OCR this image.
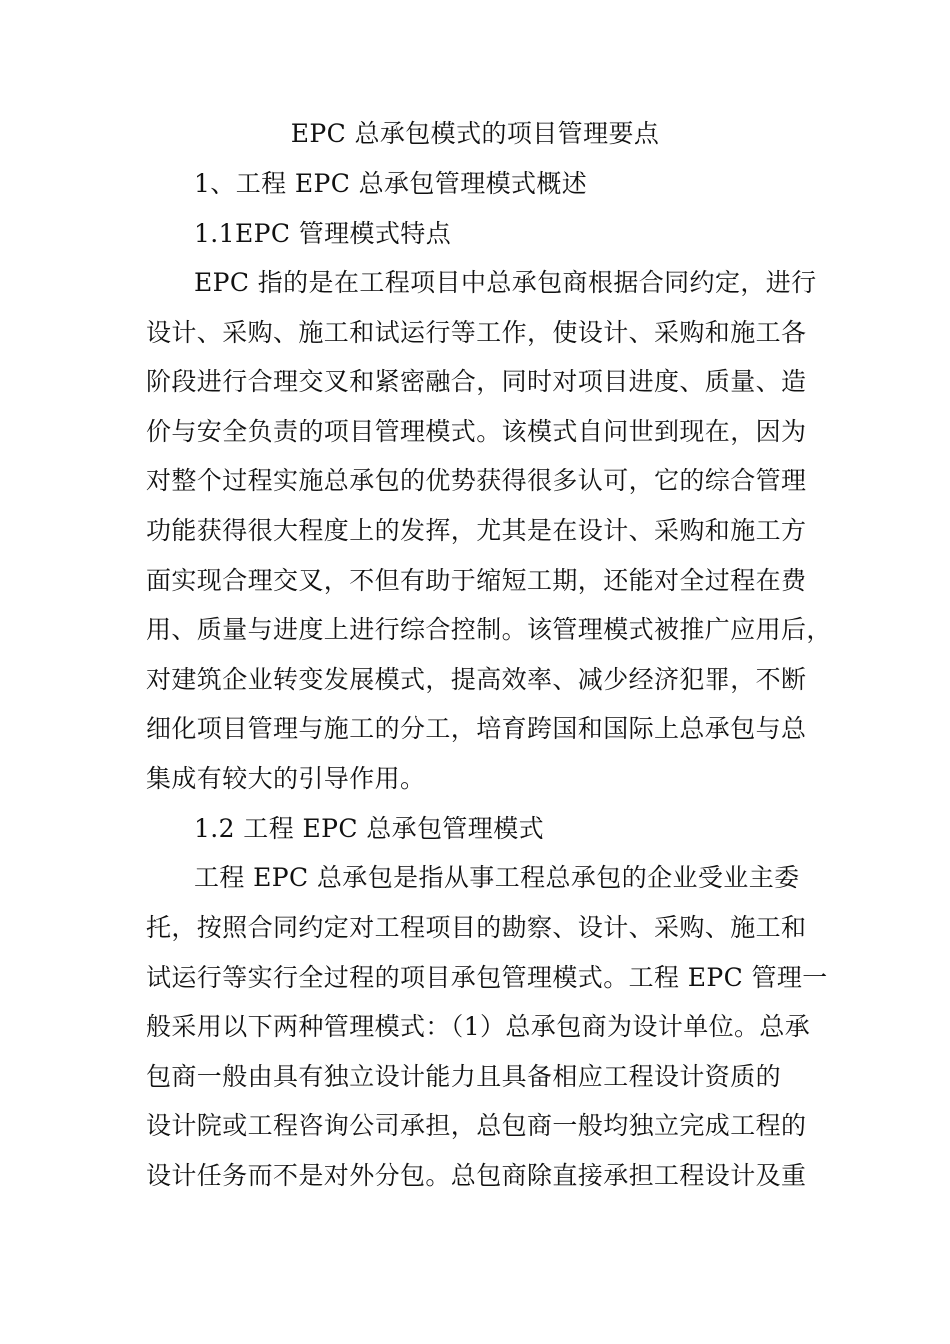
EPC 总承包模式的项目管理要点
1、工程 EPC 总承包管理模式概述
1.1EPC 管理模式特点
EPC 指的是在工程项目中总承包商根据合同约定，进行
设计、采购、施工和试运行等工作，使设计、采购和施工各
阶段进行合理交叉和紧密融合，同时对项目进度、质量、造
价与安全负责的项目管理模式。该模式自问世到现在，因为
对整个过程实施总承包的优势获得很多认可，它的综合管理
功能获得很大程度上的发挥，尤其是在设计、采购和施工方
面实现合理交叉，不但有助于缩短工期，还能对全过程在费
用、质量与进度上进行综合控制。该管理模式被推广应用后，
对建筑企业转变发展模式，提高效率、减少经济犯罪，不断
细化项目管理与施工的分工，培育跨国和国际上总承包与总
集成有较大的引导作用。
1.2 工程 EPC 总承包管理模式
工程 EPC 总承包是指从事工程总承包的企业受业主委
托，按照合同约定对工程项目的勘察、设计、采购、施工和
试运行等实行全过程的项目承包管理模式。工程 EPC 管理一
般采用以下两种管理模式：（1）总承包商为设计单位。总承
包商一般由具有独立设计能力且具备相应工程设计资质的
设计院或工程咨询公司承担，总包商一般均独立完成工程的
设计任务而不是对外分包。总包商除直接承担工程设计及重
